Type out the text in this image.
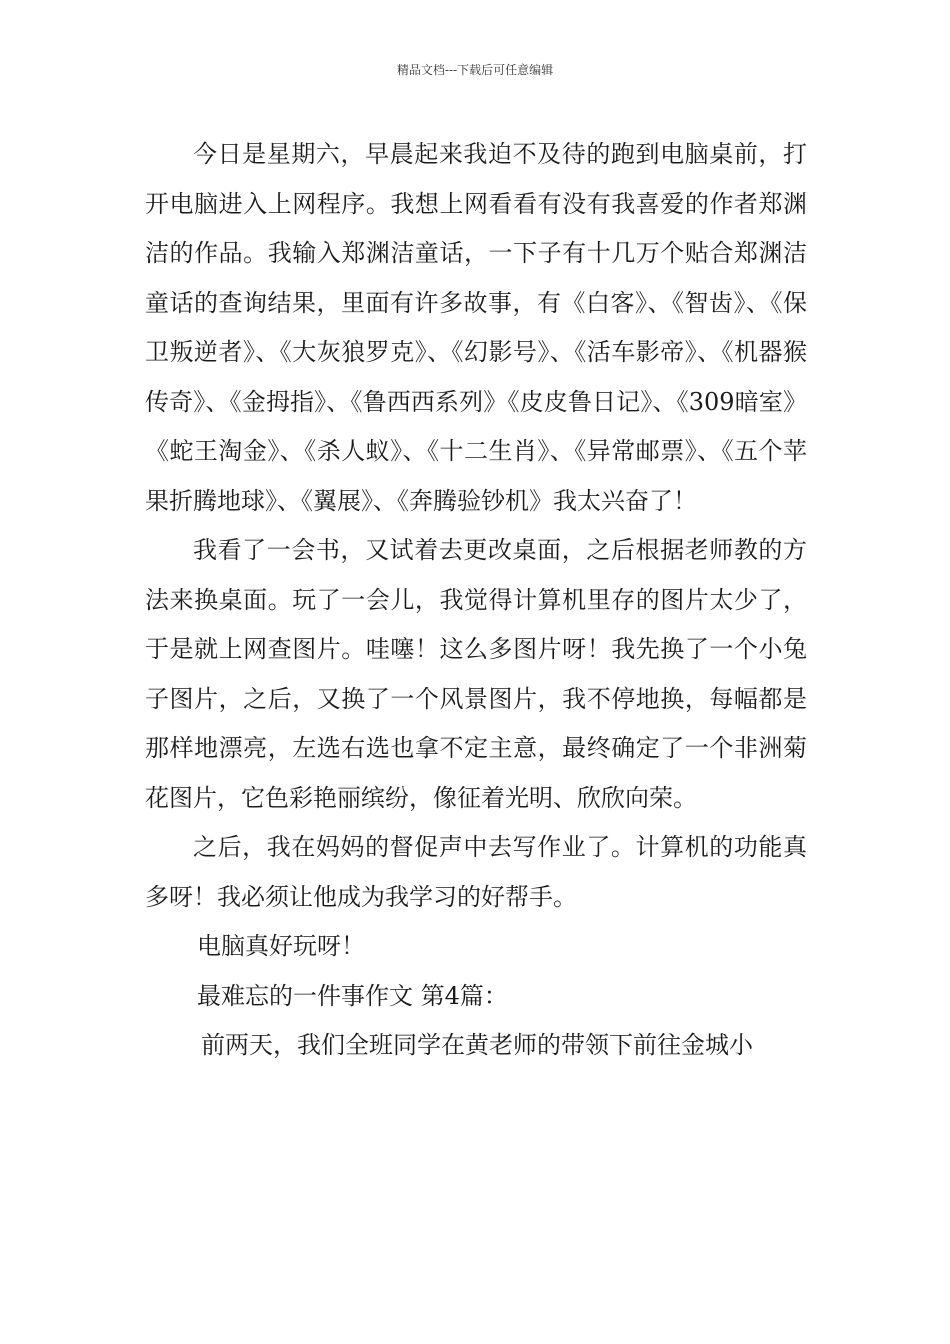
精品文档---下载后可任意编辑

今日是星期六，早晨起来我迫不及待的跑到电脑桌前，打开电脑进入上网程序。我想上网看看有没有我喜爱的作者郑渊洁的作品。我输入郑渊洁童话，一下子有十几万个贴合郑渊洁童话的查询结果，里面有许多故事，有《白客》、《智齿》、《保卫叛逆者》、《大灰狼罗克》、《幻影号》、《活车影帝》、《机器猴传奇》、《金拇指》、《鲁西西系列》《皮皮鲁日记》、《309暗室》《蛇王淘金》、《杀人蚁》、《十二生肖》、《异常邮票》、《五个苹果折腾地球》、《翼展》、《奔腾验钞机》我太兴奋了！

我看了一会书，又试着去更改桌面，之后根据老师教的方法来换桌面。玩了一会儿，我觉得计算机里存的图片太少了，于是就上网查图片。哇噻！这么多图片呀！我先换了一个小兔子图片，之后，又换了一个风景图片，我不停地换，每幅都是那样地漂亮，左选右选也拿不定主意，最终确定了一个非洲菊花图片，它色彩艳丽缤纷，像征着光明、欣欣向荣。

之后，我在妈妈的督促声中去写作业了。计算机的功能真多呀！我必须让他成为我学习的好帮手。

电脑真好玩呀！

最难忘的一件事作文 第4篇：

前两天，我们全班同学在黄老师的带领下前往金城小
